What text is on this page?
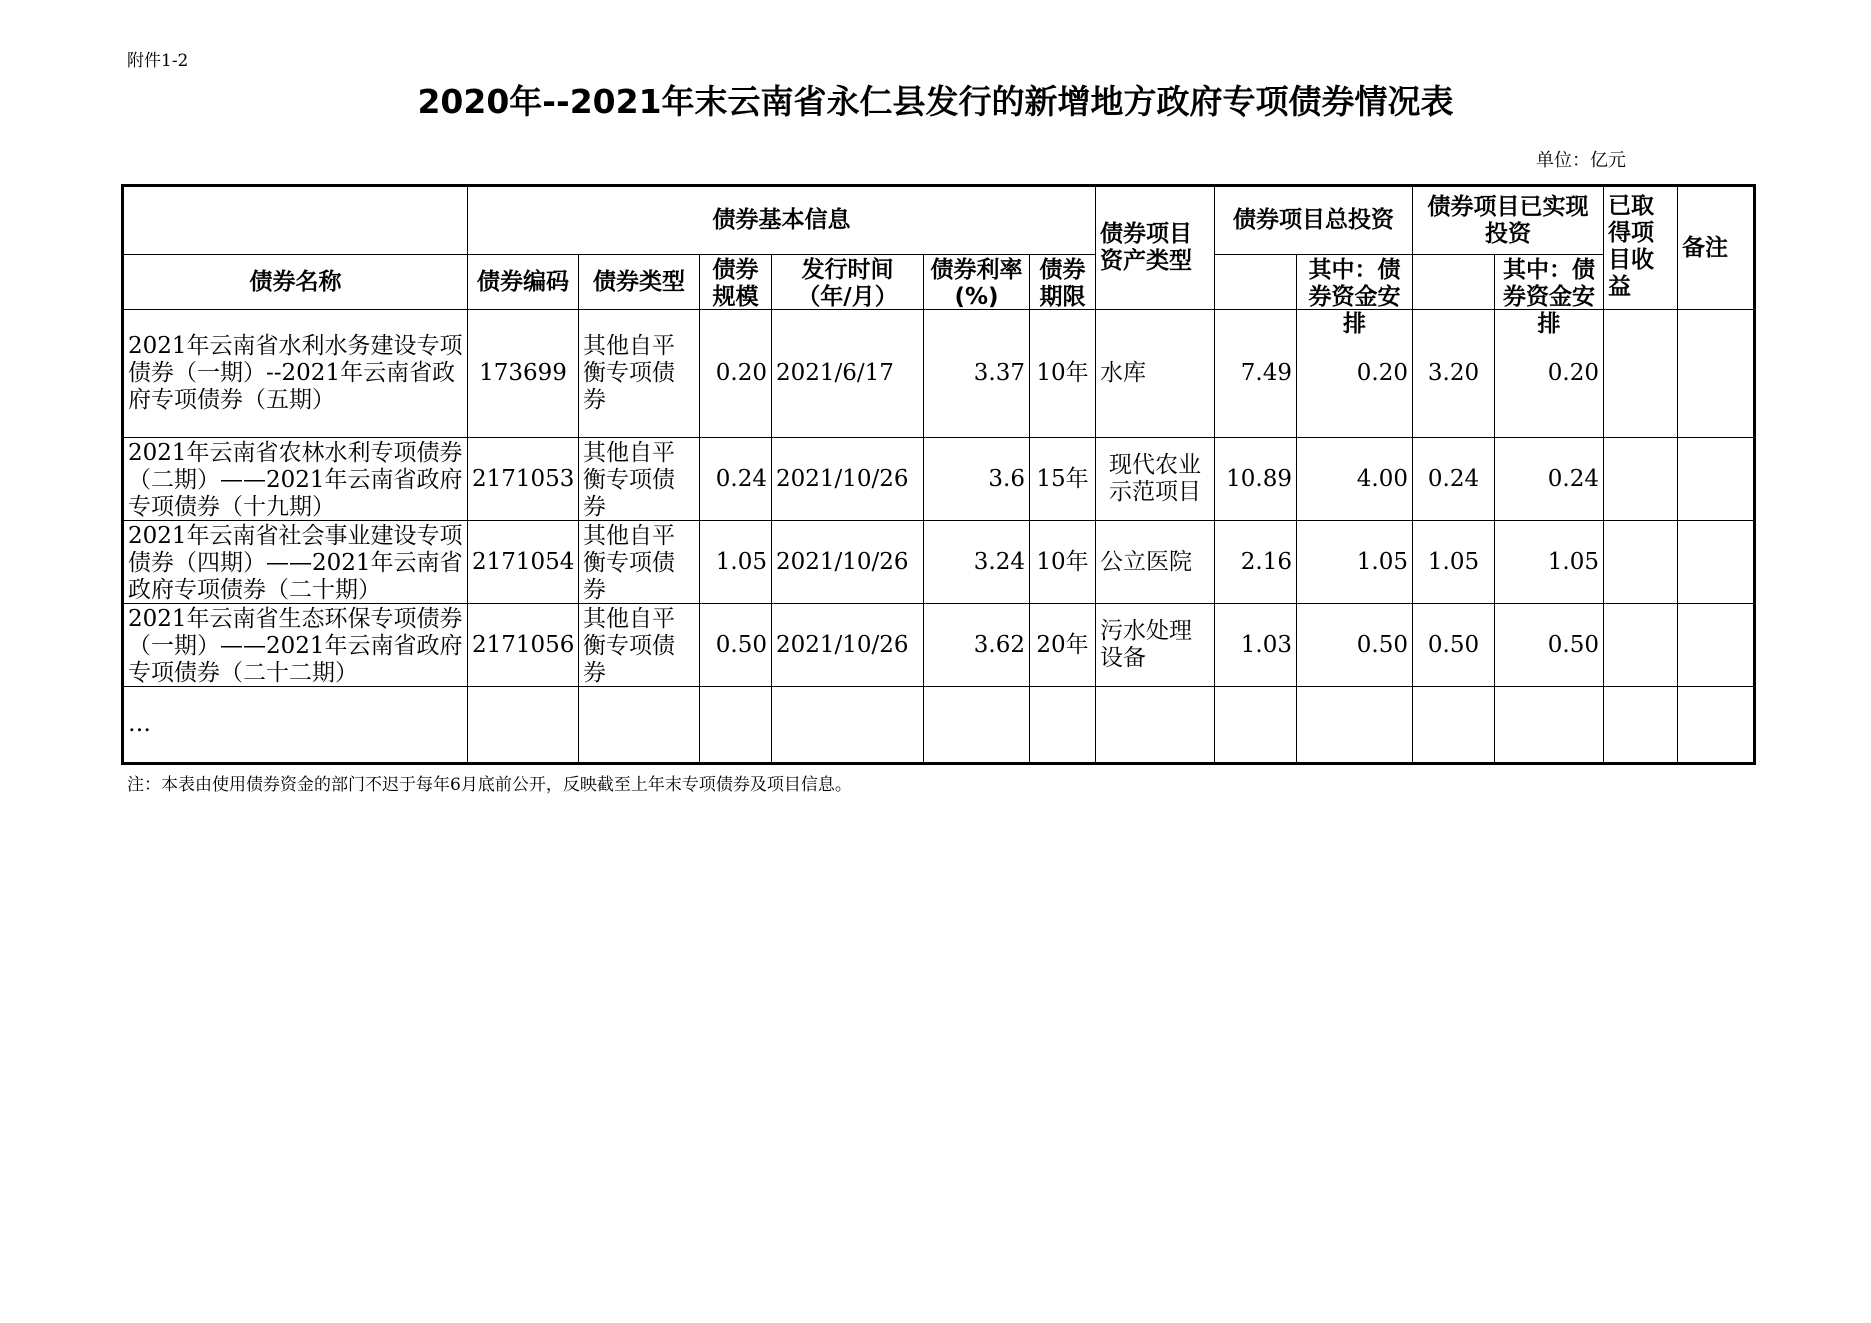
附件1-2
2020年--2021年末云南省永仁县发行的新增地方政府专项债券情况表
单位：亿元
	债券基本信息						债券项目资产类型	债券项目总投资		债券项目已实现投资		已取得项目收益	备注
债券名称	债券编码	债券类型	债券规模	发行时间（年/月）	债券利率(%)	债券期限			其中：债券资金安排		其中：债券资金安排		

2021年云南省水利水务建设专项债券（一期）--2021年云南省政府专项债券（五期）	173699	其他自平衡专项债券	0.20	2021/6/17	3.37	10年	水库	7.49	0.20	3.20	0.20		

2021年云南省农林水利专项债券（二期）——2021年云南省政府专项债券（十九期）	2171053	其他自平衡专项债券	0.24	2021/10/26	3.6	15年	现代农业示范项目	10.89	4.00	0.24	0.24		

2021年云南省社会事业建设专项债券（四期）——2021年云南省政府专项债券（二十期）	2171054	其他自平衡专项债券	1.05	2021/10/26	3.24	10年	公立医院	2.16	1.05	1.05	1.05		

2021年云南省生态环保专项债券（一期）——2021年云南省政府专项债券（二十二期）	2171056	其他自平衡专项债券	0.50	2021/10/26	3.62	20年	污水处理设备	1.03	0.50	0.50	0.50		
…													
注：本表由使用债券资金的部门不迟于每年6月底前公开，反映截至上年末专项债券及项目信息。
